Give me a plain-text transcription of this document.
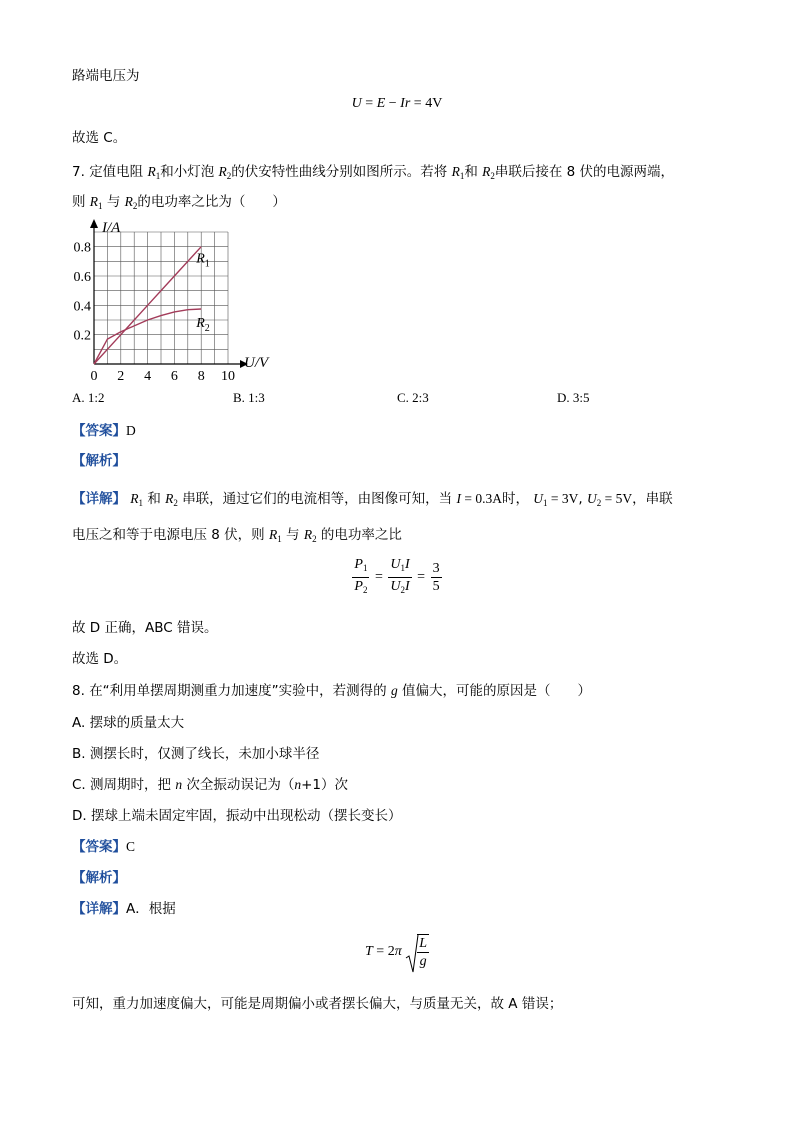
路端电压为
U = E − Ir = 4V
故选 C。
7. 定值电阻 $R_1$和小灯泡 $R_2$的伏安特性曲线分别如图所示。若将 $R_1$和 $R_2$串联后接在 8 伏的电源两端，
则 $R_1$ 与 $R_2$的电功率之比为（　　）
0 2 4 6 8 10
0.2
0.4
0.6
0.8
$R_1$
$R_2$
I/A
U/V
A. 1:2	B. 1:3	C. 2:3	D. 3:5
【答案】D
【解析】
【详解】 $R_1$ 和 $R_2$ 串联，通过它们的电流相等，由图像可知，当 I = 0.3A时， $U_1 = 3V$, $U_2 = 5V$，串联
电压之和等于电源电压 8 伏，则 $R_1$ 与 $R_2$ 的电功率之比
$\frac{P_1}{P_2} = \frac{U_1I}{U_2I} = \frac{3}{5}$
故 D 正确，ABC 错误。
故选 D。
8. 在“利用单摆周期测重力加速度”实验中，若测得的 g 值偏大，可能的原因是（　　）
A. 摆球的质量太大
B. 测摆长时，仅测了线长，未加小球半径
C. 测周期时，把 n 次全振动误记为（n+1）次
D. 摆球上端未固定牢固，振动中出现松动（摆长变长）
【答案】C
【解析】
【详解】A．根据
$T = 2\pi \frac{L}{g}$
可知，重力加速度偏大，可能是周期偏小或者摆长偏大，与质量无关，故 A 错误；
